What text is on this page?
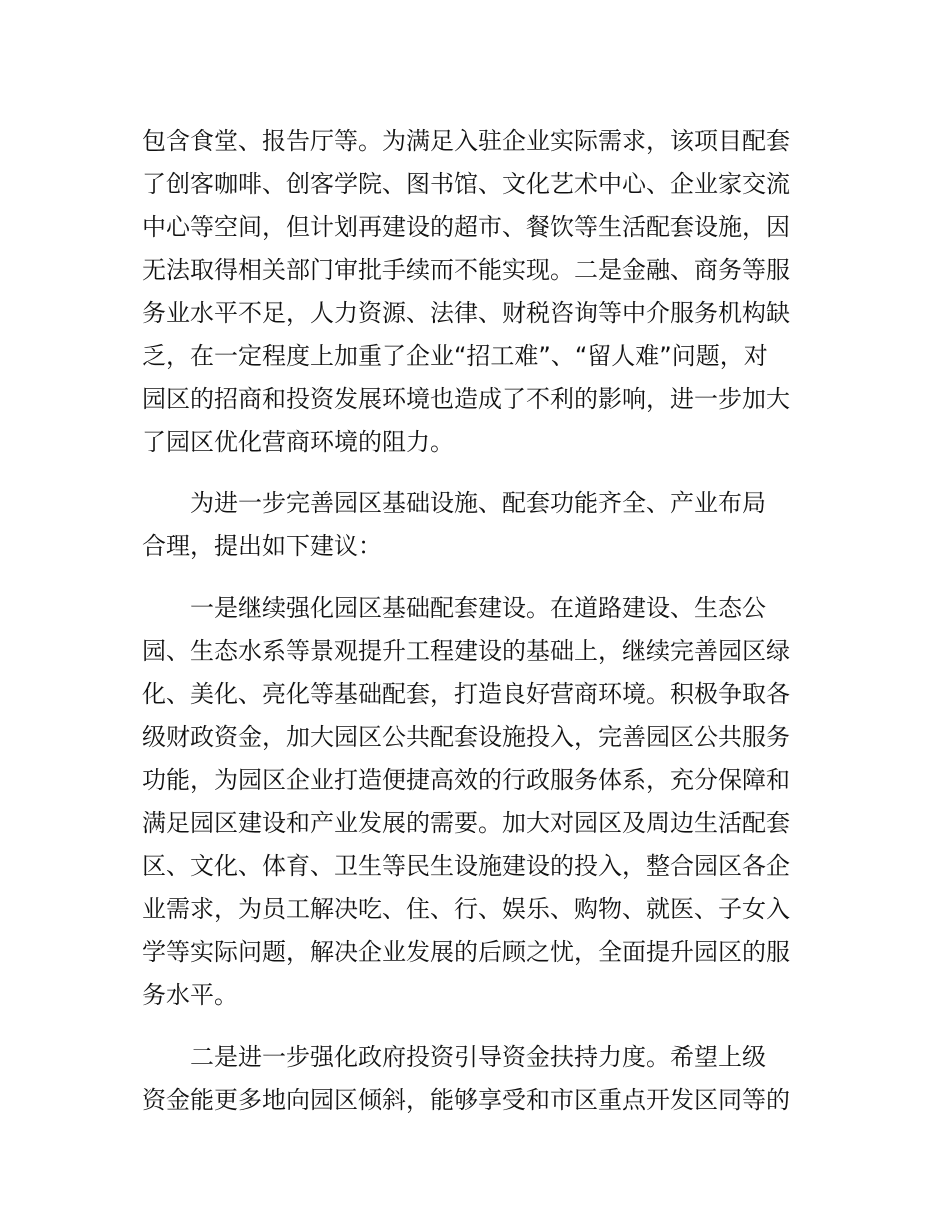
包含食堂、报告厅等。为满足入驻企业实际需求，该项目配套
了创客咖啡、创客学院、图书馆、文化艺术中心、企业家交流
中心等空间，但计划再建设的超市、餐饮等生活配套设施，因
无法取得相关部门审批手续而不能实现。二是金融、商务等服
务业水平不足，人力资源、法律、财税咨询等中介服务机构缺
乏，在一定程度上加重了企业“招工难”、“留人难”问题，对
园区的招商和投资发展环境也造成了不利的影响，进一步加大
了园区优化营商环境的阻力。
为进一步完善园区基础设施、配套功能齐全、产业布局
合理，提出如下建议：
一是继续强化园区基础配套建设。在道路建设、生态公
园、生态水系等景观提升工程建设的基础上，继续完善园区绿
化、美化、亮化等基础配套，打造良好营商环境。积极争取各
级财政资金，加大园区公共配套设施投入，完善园区公共服务
功能，为园区企业打造便捷高效的行政服务体系，充分保障和
满足园区建设和产业发展的需要。加大对园区及周边生活配套
区、文化、体育、卫生等民生设施建设的投入，整合园区各企
业需求，为员工解决吃、住、行、娱乐、购物、就医、子女入
学等实际问题，解决企业发展的后顾之忧，全面提升园区的服
务水平。
二是进一步强化政府投资引导资金扶持力度。希望上级
资金能更多地向园区倾斜，能够享受和市区重点开发区同等的
